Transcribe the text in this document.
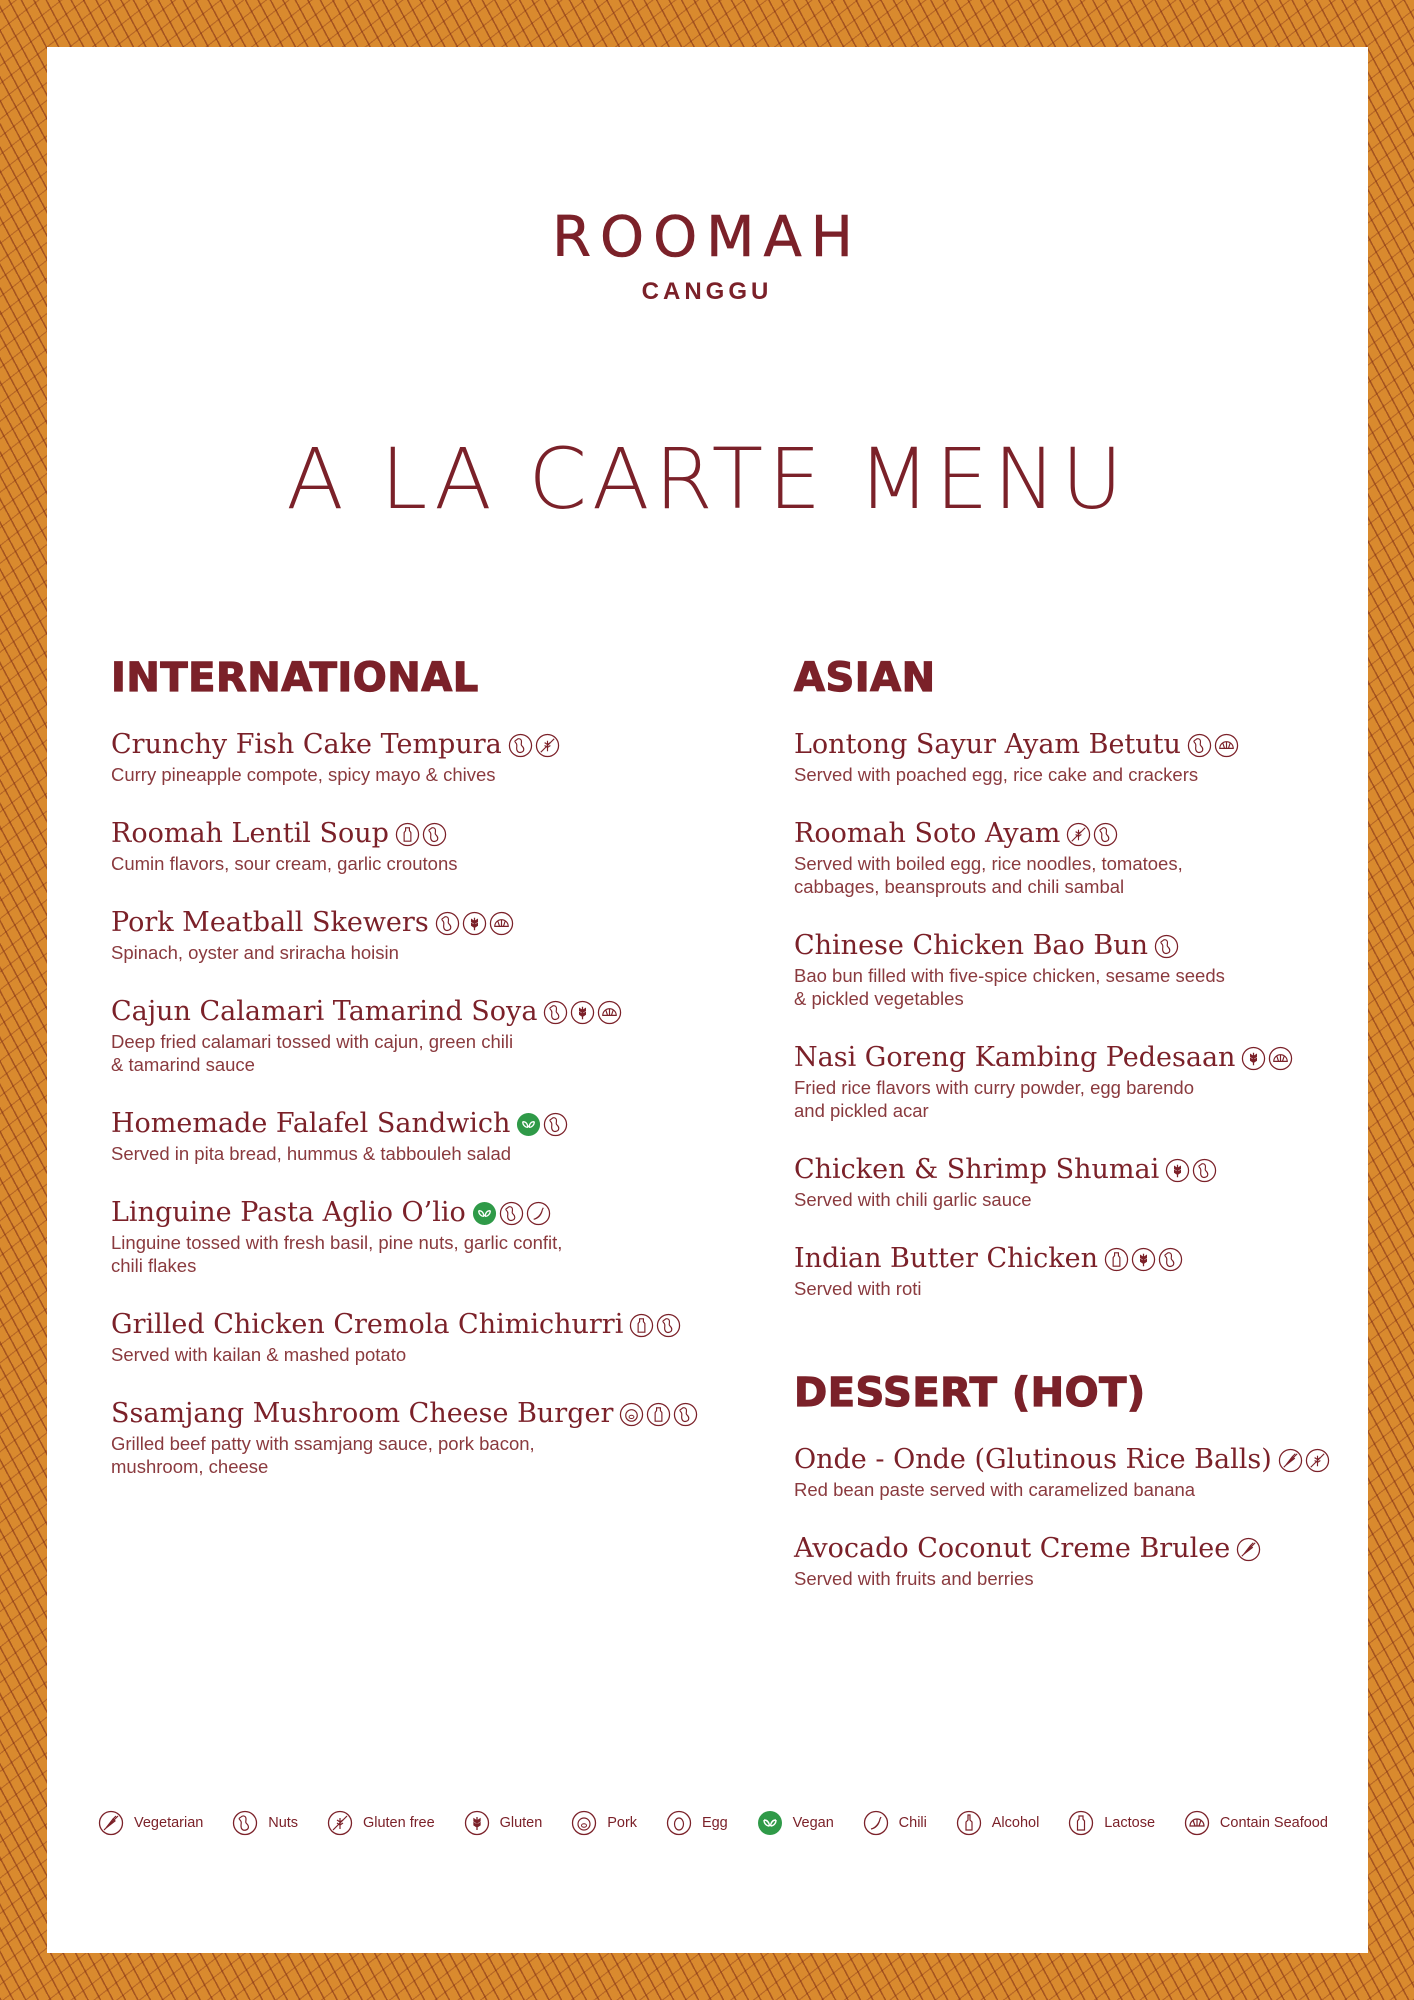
ROOMAH
CANGGU
A LA CARTE MENU
INTERNATIONAL
Crunchy Fish Cake Tempura
Curry pineapple compote, spicy mayo & chives
Roomah Lentil Soup
Cumin flavors, sour cream, garlic croutons
Pork Meatball Skewers
Spinach, oyster and sriracha hoisin
Cajun Calamari Tamarind Soya
Deep fried calamari tossed with cajun, green chili
& tamarind sauce
Homemade Falafel Sandwich
Served in pita bread, hummus & tabbouleh salad
Linguine Pasta Aglio O’lio
Linguine tossed with fresh basil, pine nuts, garlic confit,
chili flakes
Grilled Chicken Cremola Chimichurri
Served with kailan & mashed potato
Ssamjang Mushroom Cheese Burger
Grilled beef patty with ssamjang sauce, pork bacon,
mushroom, cheese
ASIAN
Lontong Sayur Ayam Betutu
Served with poached egg, rice cake and crackers
Roomah Soto Ayam
Served with boiled egg, rice noodles, tomatoes,
cabbages, beansprouts and chili sambal
Chinese Chicken Bao Bun
Bao bun filled with five-spice chicken, sesame seeds
& pickled vegetables
Nasi Goreng Kambing Pedesaan
Fried rice flavors with curry powder, egg barendo
and pickled acar
Chicken & Shrimp Shumai
Served with chili garlic sauce
Indian Butter Chicken
Served with roti
DESSERT (HOT)
Onde - Onde (Glutinous Rice Balls)
Red bean paste served with caramelized banana
Avocado Coconut Creme Brulee
Served with fruits and berries
Vegetarian	Nuts	Gluten free	Gluten	Pork	Egg	Vegan	Chili	Alcohol	Lactose	Contain Seafood
